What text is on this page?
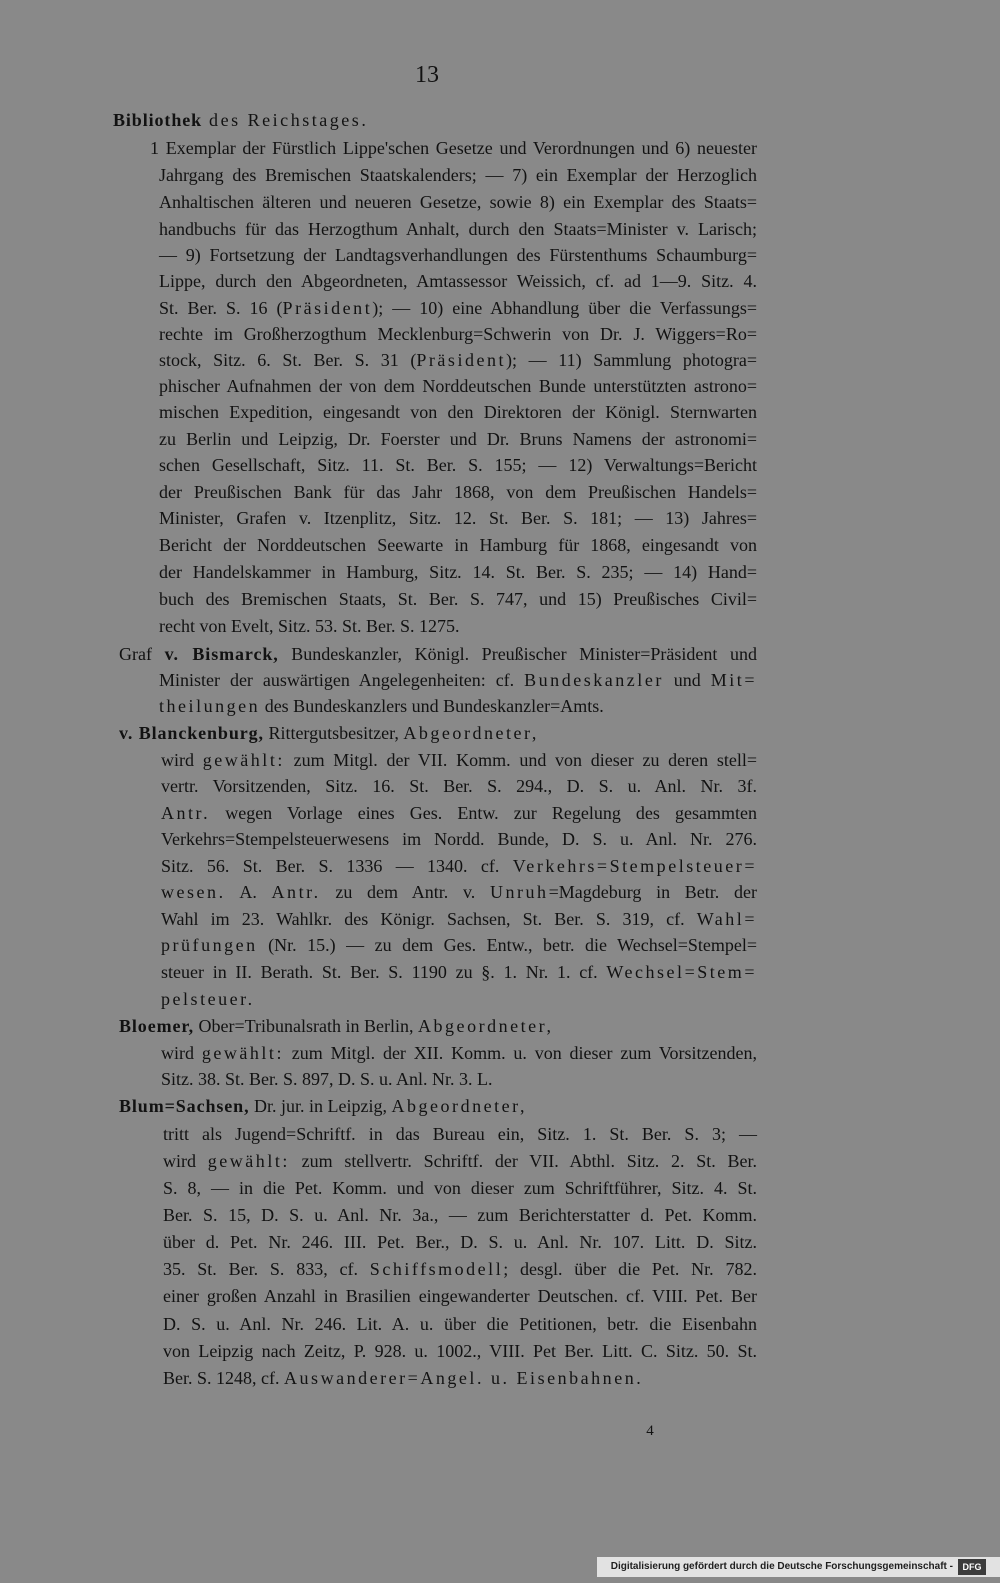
13
Bibliothek des Reichstages.
1 Exemplar der Fürstlich Lippe'schen Gesetze und Verordnungen und 6) neuester
Jahrgang des Bremischen Staatskalenders; — 7) ein Exemplar der Herzoglich
Anhaltischen älteren und neueren Gesetze, sowie 8) ein Exemplar des Staats=
handbuchs für das Herzogthum Anhalt, durch den Staats=Minister v. Larisch;
— 9) Fortsetzung der Landtagsverhandlungen des Fürstenthums Schaumburg=
Lippe, durch den Abgeordneten, Amtassessor Weissich, cf. ad 1—9. Sitz. 4.
St. Ber. S. 16 (Präsident); — 10) eine Abhandlung über die Verfassungs=
rechte im Großherzogthum Mecklenburg=Schwerin von Dr. J. Wiggers=Ro=
stock, Sitz. 6. St. Ber. S. 31 (Präsident); — 11) Sammlung photogra=
phischer Aufnahmen der von dem Norddeutschen Bunde unterstützten astrono=
mischen Expedition, eingesandt von den Direktoren der Königl. Sternwarten
zu Berlin und Leipzig, Dr. Foerster und Dr. Bruns Namens der astronomi=
schen Gesellschaft, Sitz. 11. St. Ber. S. 155; — 12) Verwaltungs=Bericht
der Preußischen Bank für das Jahr 1868, von dem Preußischen Handels=
Minister, Grafen v. Itzenplitz, Sitz. 12. St. Ber. S. 181; — 13) Jahres=
Bericht der Norddeutschen Seewarte in Hamburg für 1868, eingesandt von
der Handelskammer in Hamburg, Sitz. 14. St. Ber. S. 235; — 14) Hand=
buch des Bremischen Staats, St. Ber. S. 747, und 15) Preußisches Civil=
recht von Evelt, Sitz. 53. St. Ber. S. 1275.
Graf v. Bismarck, Bundeskanzler, Königl. Preußischer Minister=Präsident und
Minister der auswärtigen Angelegenheiten: cf. Bundeskanzler und Mit=
theilungen des Bundeskanzlers und Bundeskanzler=Amts.
v. Blanckenburg, Rittergutsbesitzer, Abgeordneter,
wird gewählt: zum Mitgl. der VII. Komm. und von dieser zu deren stell=
vertr. Vorsitzenden, Sitz. 16. St. Ber. S. 294., D. S. u. Anl. Nr. 3f.
Antr. wegen Vorlage eines Ges. Entw. zur Regelung des gesammten
Verkehrs=Stempelsteuerwesens im Nordd. Bunde, D. S. u. Anl. Nr. 276.
Sitz. 56. St. Ber. S. 1336 — 1340. cf. Verkehrs=Stempelsteuer=
wesen. A. Antr. zu dem Antr. v. Unruh=Magdeburg in Betr. der
Wahl im 23. Wahlkr. des Königr. Sachsen, St. Ber. S. 319, cf. Wahl=
prüfungen (Nr. 15.) — zu dem Ges. Entw., betr. die Wechsel=Stempel=
steuer in II. Berath. St. Ber. S. 1190 zu §. 1. Nr. 1. cf. Wechsel=Stem=
pelsteuer.
Bloemer, Ober=Tribunalsrath in Berlin, Abgeordneter,
wird gewählt: zum Mitgl. der XII. Komm. u. von dieser zum Vorsitzenden,
Sitz. 38. St. Ber. S. 897, D. S. u. Anl. Nr. 3. L.
Blum=Sachsen, Dr. jur. in Leipzig, Abgeordneter,
tritt als Jugend=Schriftf. in das Bureau ein, Sitz. 1. St. Ber. S. 3; —
wird gewählt: zum stellvertr. Schriftf. der VII. Abthl. Sitz. 2. St. Ber.
S. 8, — in die Pet. Komm. und von dieser zum Schriftführer, Sitz. 4. St.
Ber. S. 15, D. S. u. Anl. Nr. 3a., — zum Berichterstatter d. Pet. Komm.
über d. Pet. Nr. 246. III. Pet. Ber., D. S. u. Anl. Nr. 107. Litt. D. Sitz.
35. St. Ber. S. 833, cf. Schiffsmodell; desgl. über die Pet. Nr. 782.
einer großen Anzahl in Brasilien eingewanderter Deutschen. cf. VIII. Pet. Ber
D. S. u. Anl. Nr. 246. Lit. A. u. über die Petitionen, betr. die Eisenbahn
von Leipzig nach Zeitz, P. 928. u. 1002., VIII. Pet Ber. Litt. C. Sitz. 50. St.
Ber. S. 1248, cf. Auswanderer=Angel. u. Eisenbahnen.
4
Digitalisierung gefördert durch die Deutsche Forschungsgemeinschaft -	DFG
